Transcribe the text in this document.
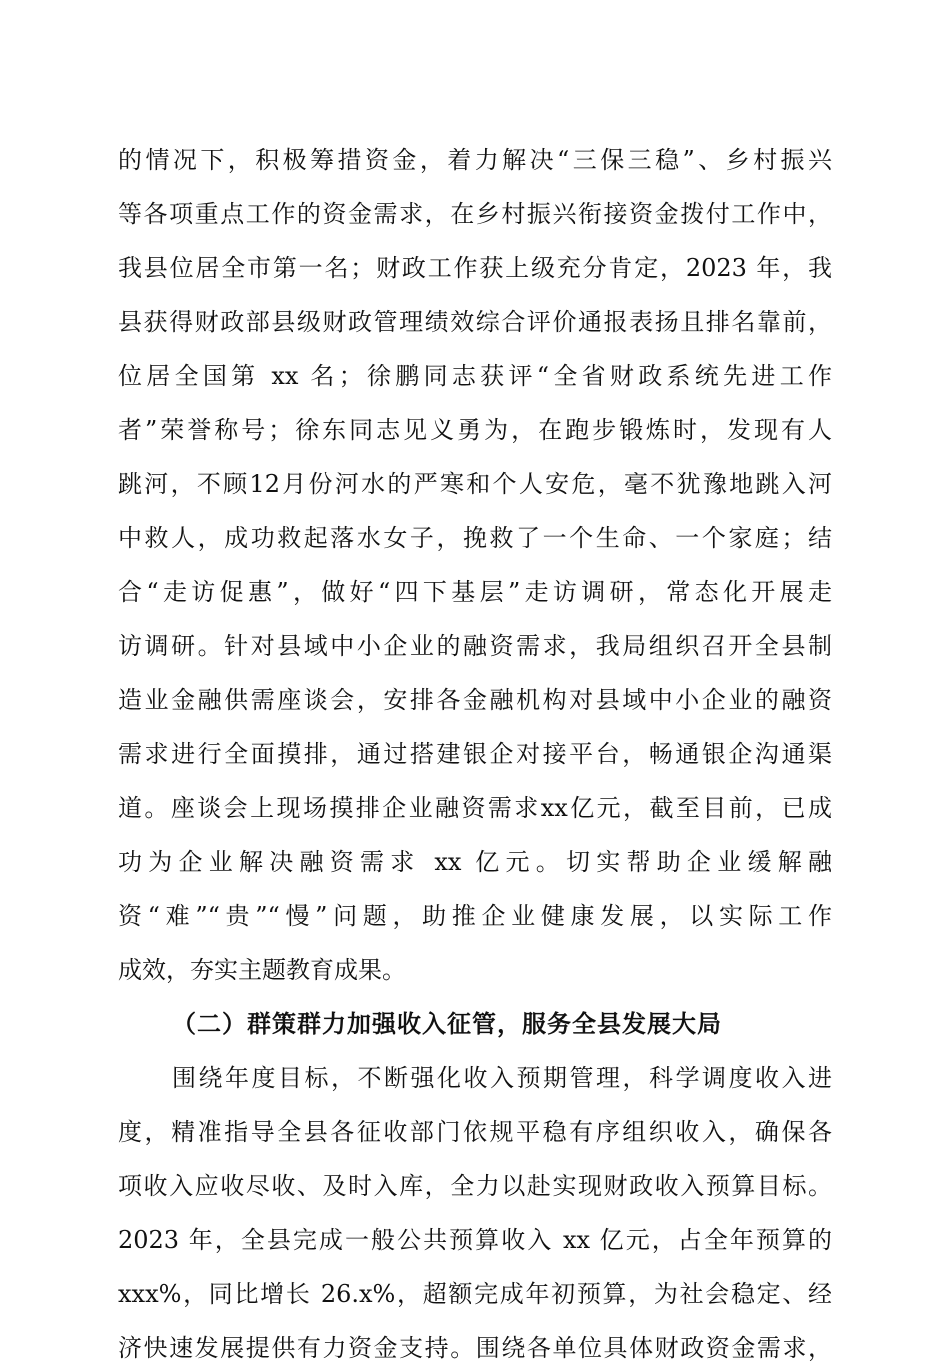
的情况下，积极筹措资金，着力解决“三保三稳”、乡村振兴
等各项重点工作的资金需求，在乡村振兴衔接资金拨付工作中，
我县位居全市第一名；财政工作获上级充分肯定，2023 年，我
县获得财政部县级财政管理绩效综合评价通报表扬且排名靠前，
位居全国第 xx 名；徐鹏同志获评“全省财政系统先进工作
者”荣誉称号；徐东同志见义勇为，在跑步锻炼时，发现有人
跳河，不顾12月份河水的严寒和个人安危，毫不犹豫地跳入河
中救人，成功救起落水女子，挽救了一个生命、一个家庭；结
合“走访促惠”，做好“四下基层”走访调研，常态化开展走
访调研。针对县域中小企业的融资需求，我局组织召开全县制
造业金融供需座谈会，安排各金融机构对县域中小企业的融资
需求进行全面摸排，通过搭建银企对接平台，畅通银企沟通渠
道。座谈会上现场摸排企业融资需求xx亿元，截至目前，已成
功为企业解决融资需求 xx 亿元。切实帮助企业缓解融
资“难”“贵”“慢”问题，助推企业健康发展，以实际工作
成效，夯实主题教育成果。
（二）群策群力加强收入征管，服务全县发展大局
围绕年度目标，不断强化收入预期管理，科学调度收入进
度，精准指导全县各征收部门依规平稳有序组织收入，确保各
项收入应收尽收、及时入库，全力以赴实现财政收入预算目标。
2023 年，全县完成一般公共预算收入 xx 亿元，占全年预算的
xxx%，同比增长 26.x%，超额完成年初预算，为社会稳定、经
济快速发展提供有力资金支持。围绕各单位具体财政资金需求，
